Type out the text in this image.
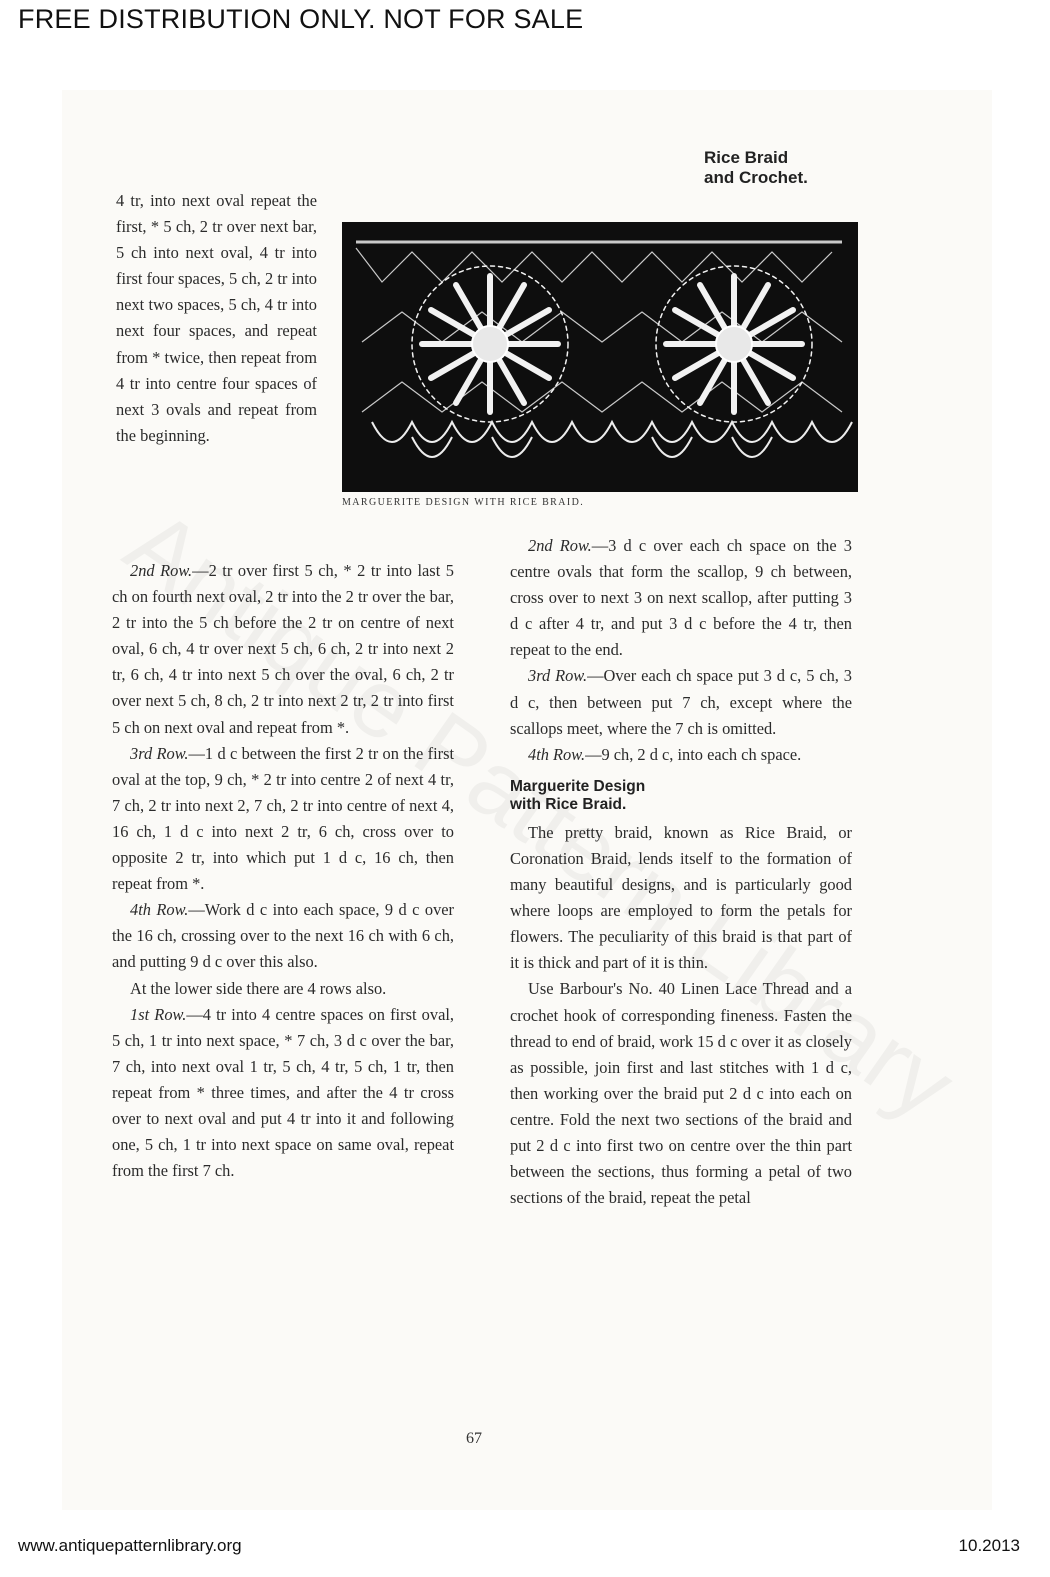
FREE DISTRIBUTION ONLY. NOT FOR SALE
Rice Braid
and Crochet.
MARGUERITE DESIGN WITH RICE BRAID.
4 tr, into next oval repeat the first, * 5 ch, 2 tr over next bar, 5 ch into next oval, 4 tr into first four spaces, 5 ch, 2 tr into next two spaces, 5 ch, 4 tr into next four spaces, and repeat from * twice, then repeat from 4 tr into centre four spaces of next 3 ovals and repeat from the beginning.

2nd Row.—2 tr over first 5 ch, * 2 tr into last 5 ch on fourth next oval, 2 tr into the 2 tr over the bar, 2 tr into the 5 ch before the 2 tr on centre of next oval, 6 ch, 4 tr over next 5 ch, 6 ch, 2 tr into next 2 tr, 6 ch, 4 tr into next 5 ch over the oval, 6 ch, 2 tr over next 5 ch, 8 ch, 2 tr into next 2 tr, 2 tr into first 5 ch on next oval and repeat from *.

3rd Row.—1 d c between the first 2 tr on the first oval at the top, 9 ch, * 2 tr into centre 2 of next 4 tr, 7 ch, 2 tr into next 2, 7 ch, 2 tr into centre of next 4, 16 ch, 1 d c into next 2 tr, 6 ch, cross over to opposite 2 tr, into which put 1 d c, 16 ch, then repeat from *.

4th Row.—Work d c into each space, 9 d c over the 16 ch, crossing over to the next 16 ch with 6 ch, and putting 9 d c over this also.

At the lower side there are 4 rows also.

1st Row.—4 tr into 4 centre spaces on first oval, 5 ch, 1 tr into next space, * 7 ch, 3 d c over the bar, 7 ch, into next oval 1 tr, 5 ch, 4 tr, 5 ch, 1 tr, then repeat from * three times, and after the 4 tr cross over to next oval and put 4 tr into it and following one, 5 ch, 1 tr into next space on same oval, repeat from the first 7 ch.

2nd Row.—3 d c over each ch space on the 3 centre ovals that form the scallop, 9 ch between, cross over to next 3 on next scallop, after putting 3 d c after 4 tr, and put 3 d c before the 4 tr, then repeat to the end.

3rd Row.—Over each ch space put 3 d c, 5 ch, 3 d c, then between put 7 ch, except where the scallops meet, where the 7 ch is omitted.

4th Row.—9 ch, 2 d c, into each ch space.

Marguerite Design
with Rice Braid.

The pretty braid, known as Rice Braid, or Coronation Braid, lends itself to the formation of many beautiful designs, and is particularly good where loops are employed to form the petals for flowers. The peculiarity of this braid is that part of it is thick and part of it is thin.

Use Barbour's No. 40 Linen Lace Thread and a crochet hook of corresponding fineness. Fasten the thread to end of braid, work 15 d c over it as closely as possible, join first and last stitches with 1 d c, then working over the braid put 2 d c into each on centre. Fold the next two sections of the braid and put 2 d c into first two on centre over the thin part between the sections, thus forming a petal of two sections of the braid, repeat the petal

67
www.antiquepatternlibrary.org	10.2013
